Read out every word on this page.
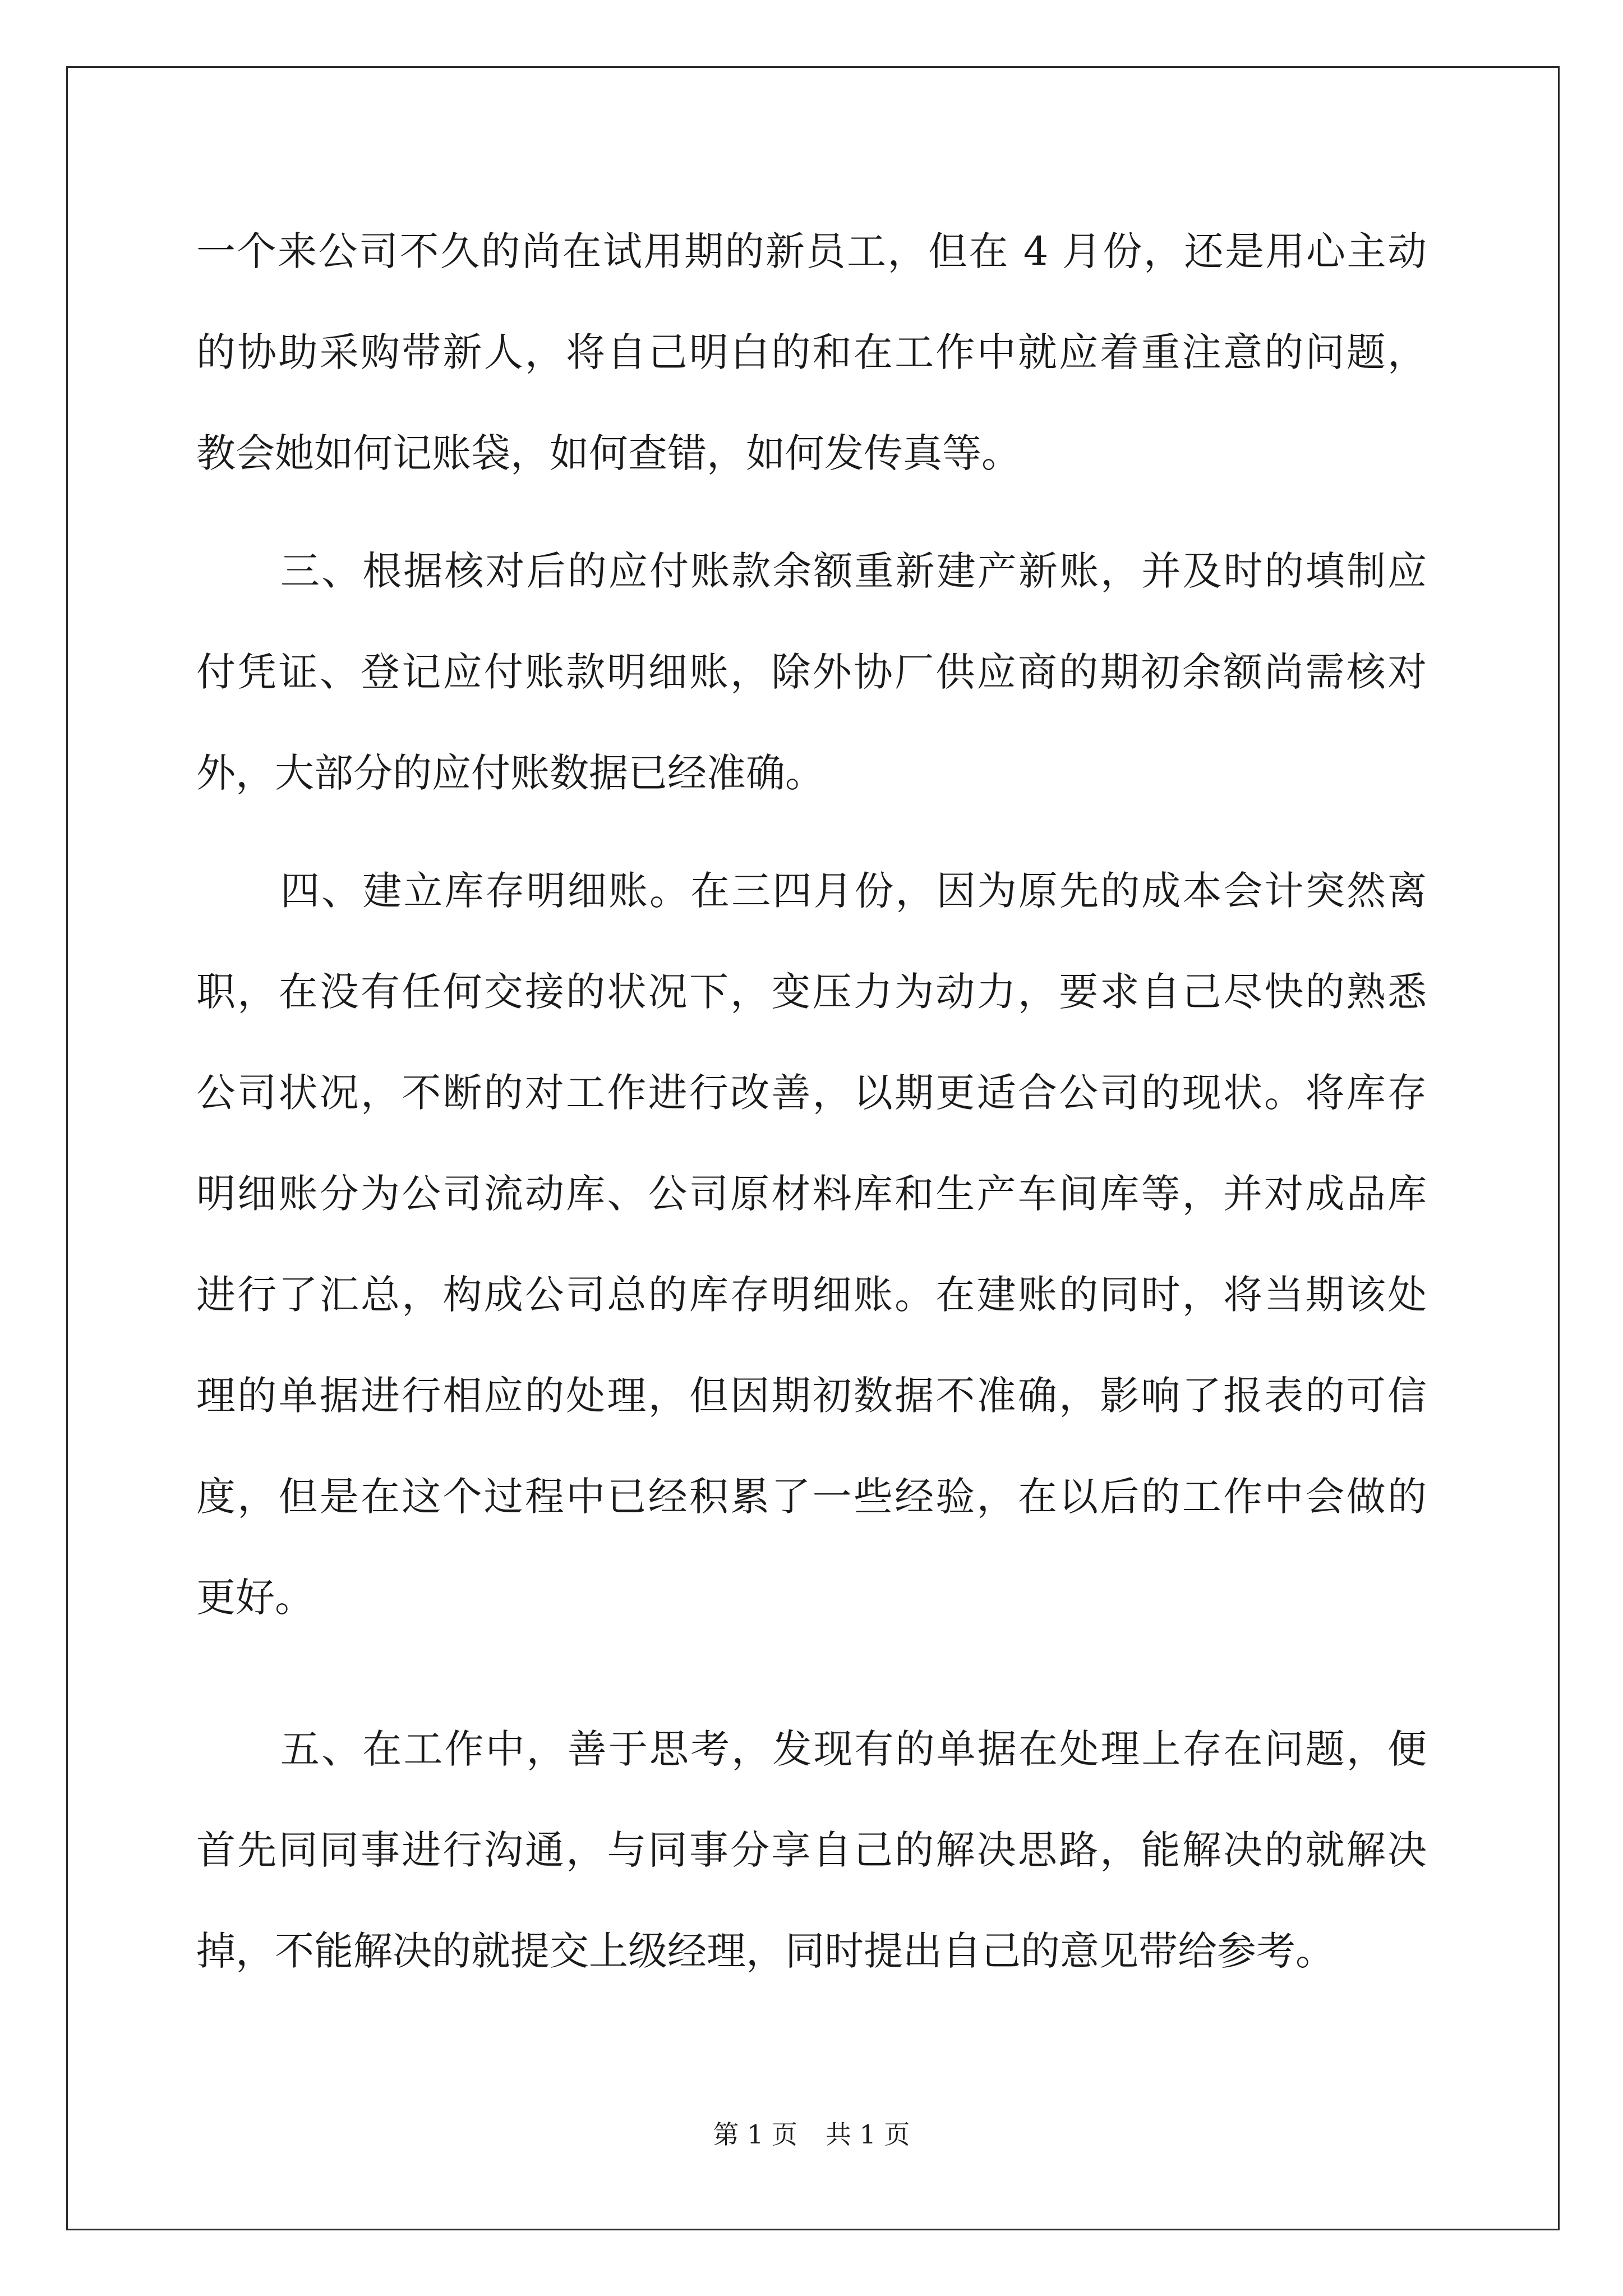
一个来公司不久的尚在试用期的新员工，但在 4 月份，还是用心主动
的协助采购带新人，将自己明白的和在工作中就应着重注意的问题，
教会她如何记账袋，如何查错，如何发传真等。
三、根据核对后的应付账款余额重新建产新账，并及时的填制应
付凭证、登记应付账款明细账，除外协厂供应商的期初余额尚需核对
外，大部分的应付账数据已经准确。
四、建立库存明细账。在三四月份，因为原先的成本会计突然离
职，在没有任何交接的状况下，变压力为动力，要求自己尽快的熟悉
公司状况，不断的对工作进行改善，以期更适合公司的现状。将库存
明细账分为公司流动库、公司原材料库和生产车间库等，并对成品库
进行了汇总，构成公司总的库存明细账。在建账的同时，将当期该处
理的单据进行相应的处理，但因期初数据不准确，影响了报表的可信
度，但是在这个过程中已经积累了一些经验，在以后的工作中会做的
更好。
五、在工作中，善于思考，发现有的单据在处理上存在问题，便
首先同同事进行沟通，与同事分享自己的解决思路，能解决的就解决
掉，不能解决的就提交上级经理，同时提出自己的意见带给参考。
第 1 页 共 1 页
